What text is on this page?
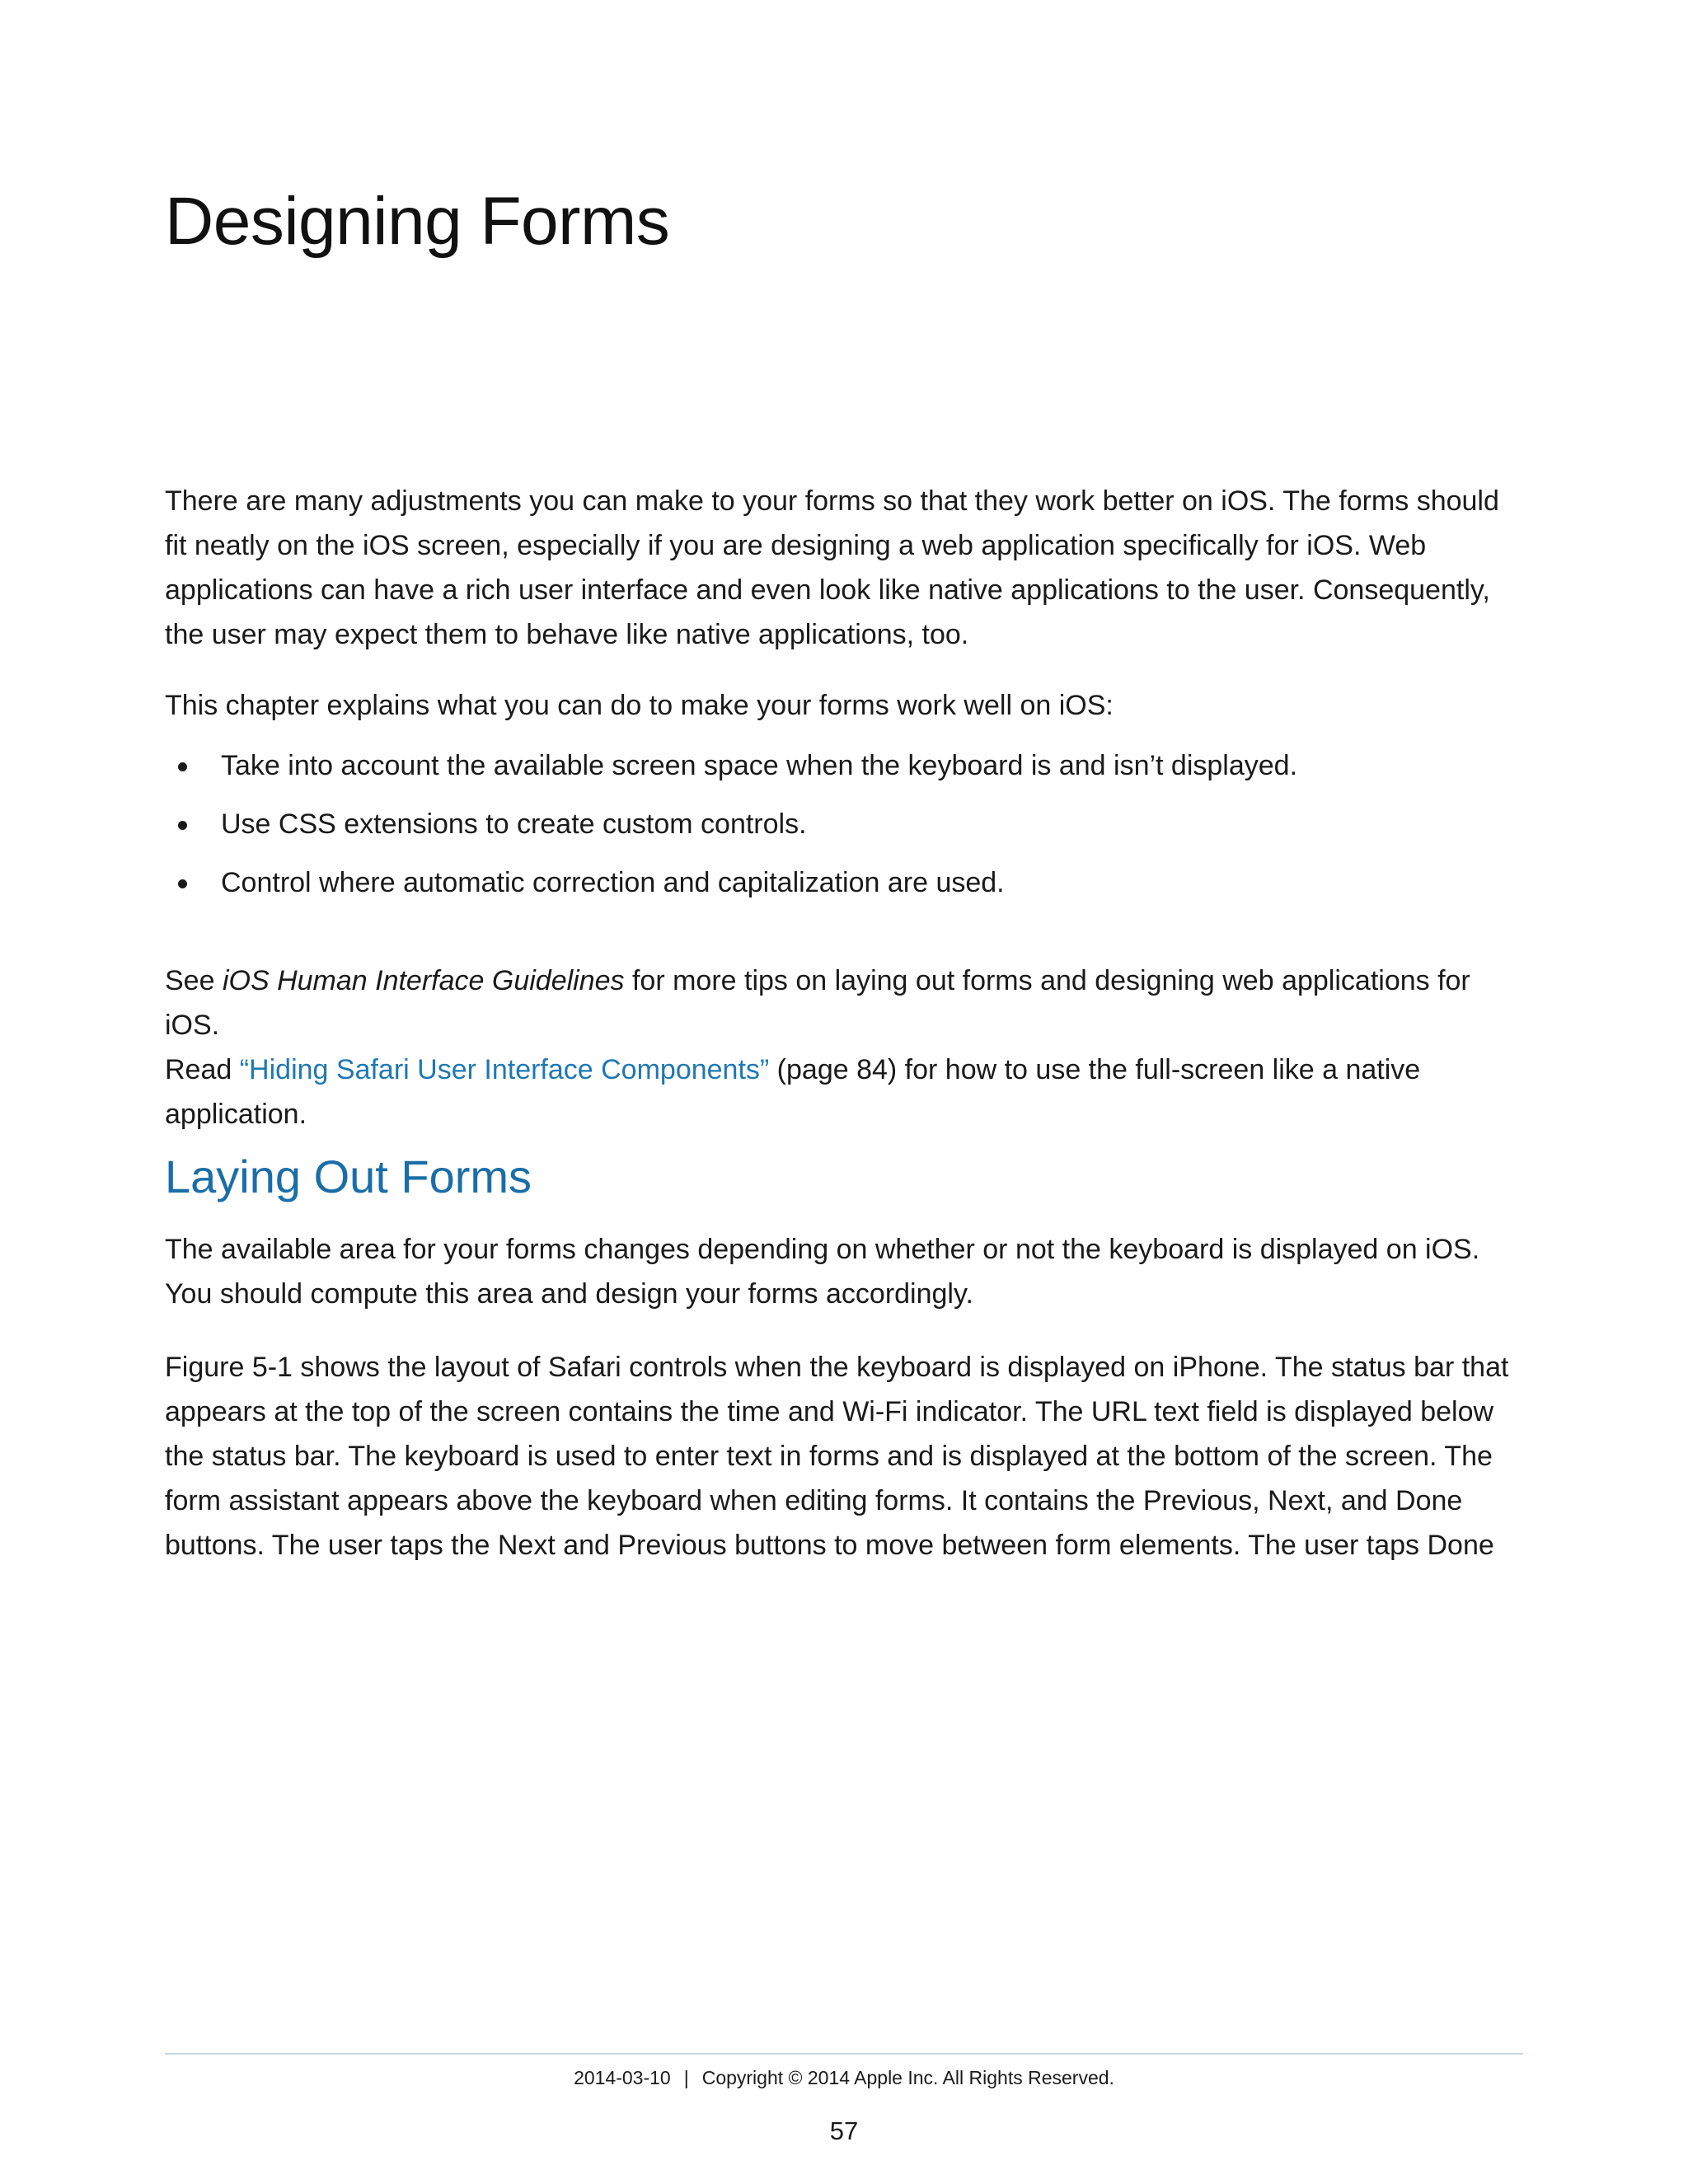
Designing Forms

There are many adjustments you can make to your forms so that they work better on iOS. The forms should fit neatly on the iOS screen, especially if you are designing a web application specifically for iOS. Web applications can have a rich user interface and even look like native applications to the user. Consequently, the user may expect them to behave like native applications, too.

This chapter explains what you can do to make your forms work well on iOS:

Take into account the available screen space when the keyboard is and isn’t displayed.
Use CSS extensions to create custom controls.
Control where automatic correction and capitalization are used.

See iOS Human Interface Guidelines for more tips on laying out forms and designing web applications for iOS.

Read “Hiding Safari User Interface Components” (page 84) for how to use the full-screen like a native application.

Laying Out Forms

The available area for your forms changes depending on whether or not the keyboard is displayed on iOS. You should compute this area and design your forms accordingly.

Figure 5-1 shows the layout of Safari controls when the keyboard is displayed on iPhone. The status bar that appears at the top of the screen contains the time and Wi-Fi indicator. The URL text field is displayed below the status bar. The keyboard is used to enter text in forms and is displayed at the bottom of the screen. The form assistant appears above the keyboard when editing forms. It contains the Previous, Next, and Done buttons. The user taps the Next and Previous buttons to move between form elements. The user taps Done

2014-03-10 | Copyright © 2014 Apple Inc. All Rights Reserved.
57
